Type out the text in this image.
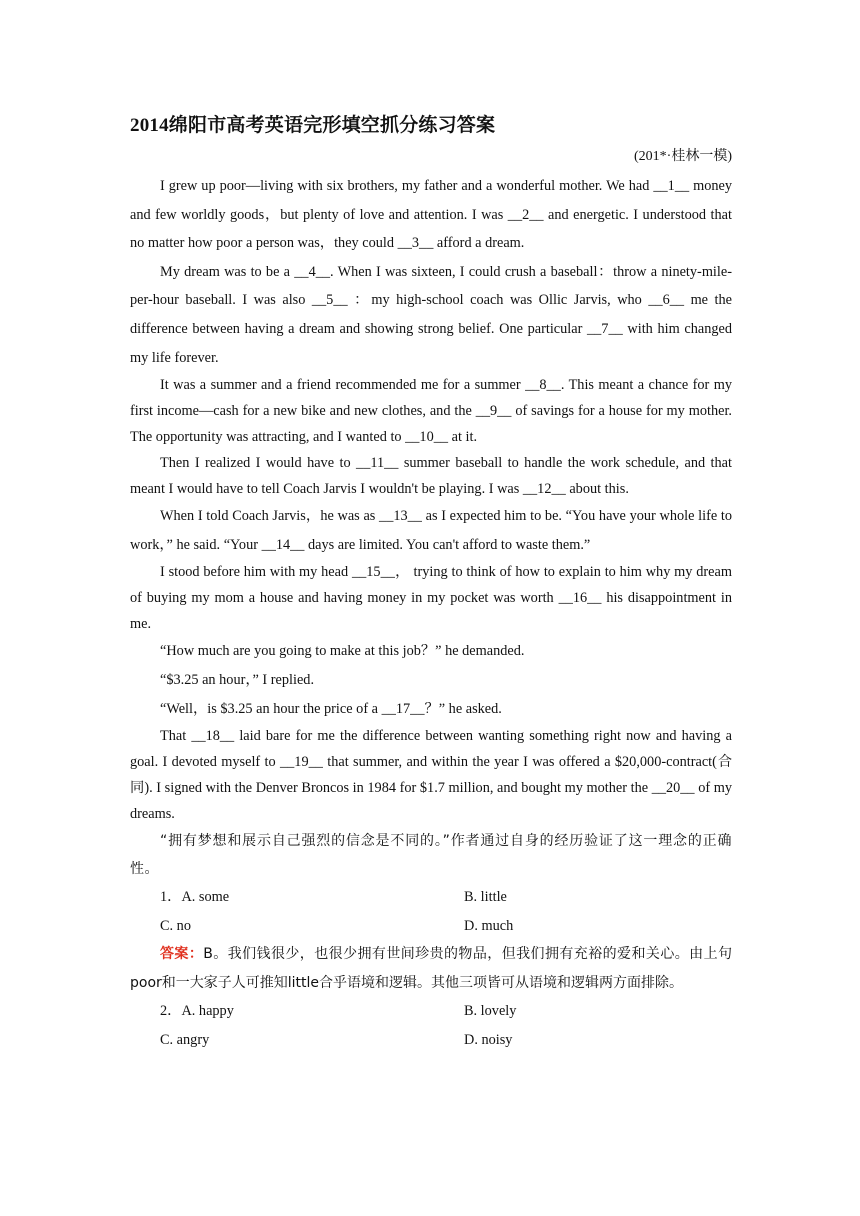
2014绵阳市高考英语完形填空抓分练习答案
(201*·桂林一模)

I grew up poor—living with six brothers, my father and a wonderful mother. We had __1__ money and few worldly goods，but plenty of love and attention. I was __2__ and energetic. I understood that no matter how poor a person was，they could __3__ afford a dream.

My dream was to be a __4__. When I was sixteen, I could crush a baseball：throw a ninety-mile-per-hour baseball. I was also __5__ ：my high-school coach was Ollic Jarvis, who __6__ me the difference between having a dream and showing strong belief. One particular __7__ with him changed my life forever.

It was a summer and a friend recommended me for a summer __8__. This meant a chance for my first income—cash for a new bike and new clothes, and the __9__ of savings for a house for my mother. The opportunity was attracting, and I wanted to __10__ at it.

Then I realized I would have to __11__ summer baseball to handle the work schedule, and that meant I would have to tell Coach Jarvis I wouldn't be playing. I was __12__ about this.

When I told Coach Jarvis，he was as __13__ as I expected him to be. “You have your whole life to work，” he said. “Your __14__ days are limited. You can't afford to waste them.”

I stood before him with my head __15__， trying to think of how to explain to him why my dream of buying my mom a house and having money in my pocket was worth __16__ his disappointment in me.

“How much are you going to make at this job？” he demanded.

“$3.25 an hour，” I replied.

“Well，is $3.25 an hour the price of a __17__？” he asked.

That __18__ laid bare for me the difference between wanting something right now and having a goal. I devoted myself to __19__ that summer, and within the year I was offered a $20,000-contract(合同). I signed with the Denver Broncos in 1984 for $1.7 million, and bought my mother the __20__ of my dreams.

“拥有梦想和展示自己强烈的信念是不同的。”作者通过自身的经历验证了这一理念的正确性。

1．A. some	B. little
C. no	D. much

答案：B。我们钱很少，也很少拥有世间珍贵的物品，但我们拥有充裕的爱和关心。由上句poor和一大家子人可推知little合乎语境和逻辑。其他三项皆可从语境和逻辑两方面排除。

2．A. happy	B. lovely
C. angry	D. noisy
